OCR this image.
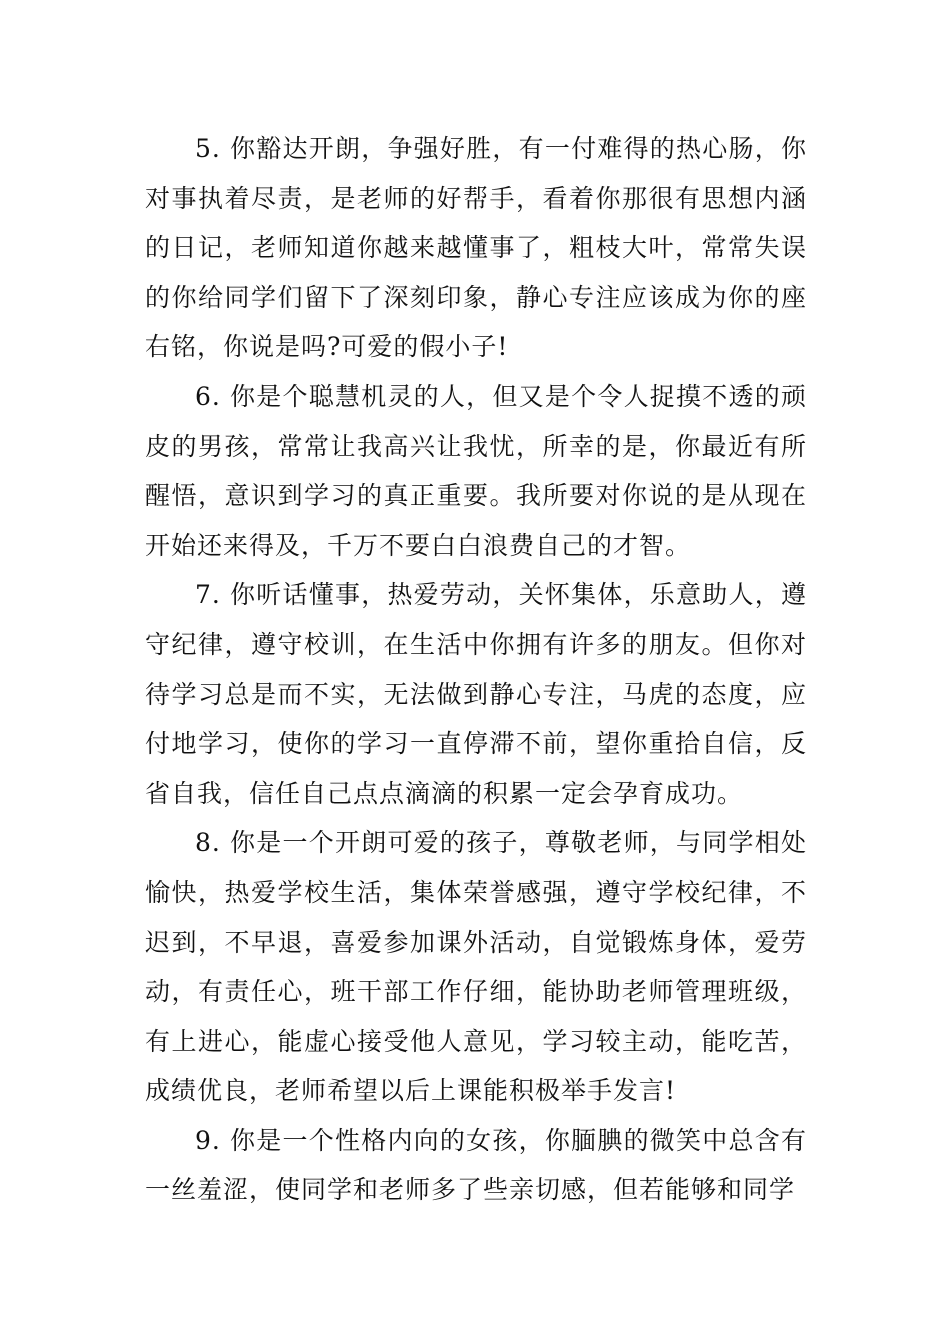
5. 你豁达开朗，争强好胜，有一付难得的热心肠，你对事执着尽责，是老师的好帮手，看着你那很有思想内涵的日记，老师知道你越来越懂事了，粗枝大叶，常常失误的你给同学们留下了深刻印象，静心专注应该成为你的座右铭，你说是吗?可爱的假小子!

6. 你是个聪慧机灵的人，但又是个令人捉摸不透的顽皮的男孩，常常让我高兴让我忧，所幸的是，你最近有所醒悟，意识到学习的真正重要。我所要对你说的是从现在开始还来得及，千万不要白白浪费自己的才智。

7. 你听话懂事，热爱劳动，关怀集体，乐意助人，遵守纪律，遵守校训，在生活中你拥有许多的朋友。但你对待学习总是而不实，无法做到静心专注，马虎的态度，应付地学习，使你的学习一直停滞不前，望你重拾自信，反省自我，信任自己点点滴滴的积累一定会孕育成功。

8. 你是一个开朗可爱的孩子，尊敬老师，与同学相处愉快，热爱学校生活，集体荣誉感强，遵守学校纪律，不迟到，不早退，喜爱参加课外活动，自觉锻炼身体，爱劳动，有责任心，班干部工作仔细，能协助老师管理班级，有上进心，能虚心接受他人意见，学习较主动，能吃苦，成绩优良，老师希望以后上课能积极举手发言!

9. 你是一个性格内向的女孩，你腼腆的微笑中总含有一丝羞涩，使同学和老师多了些亲切感，但若能够和同学
